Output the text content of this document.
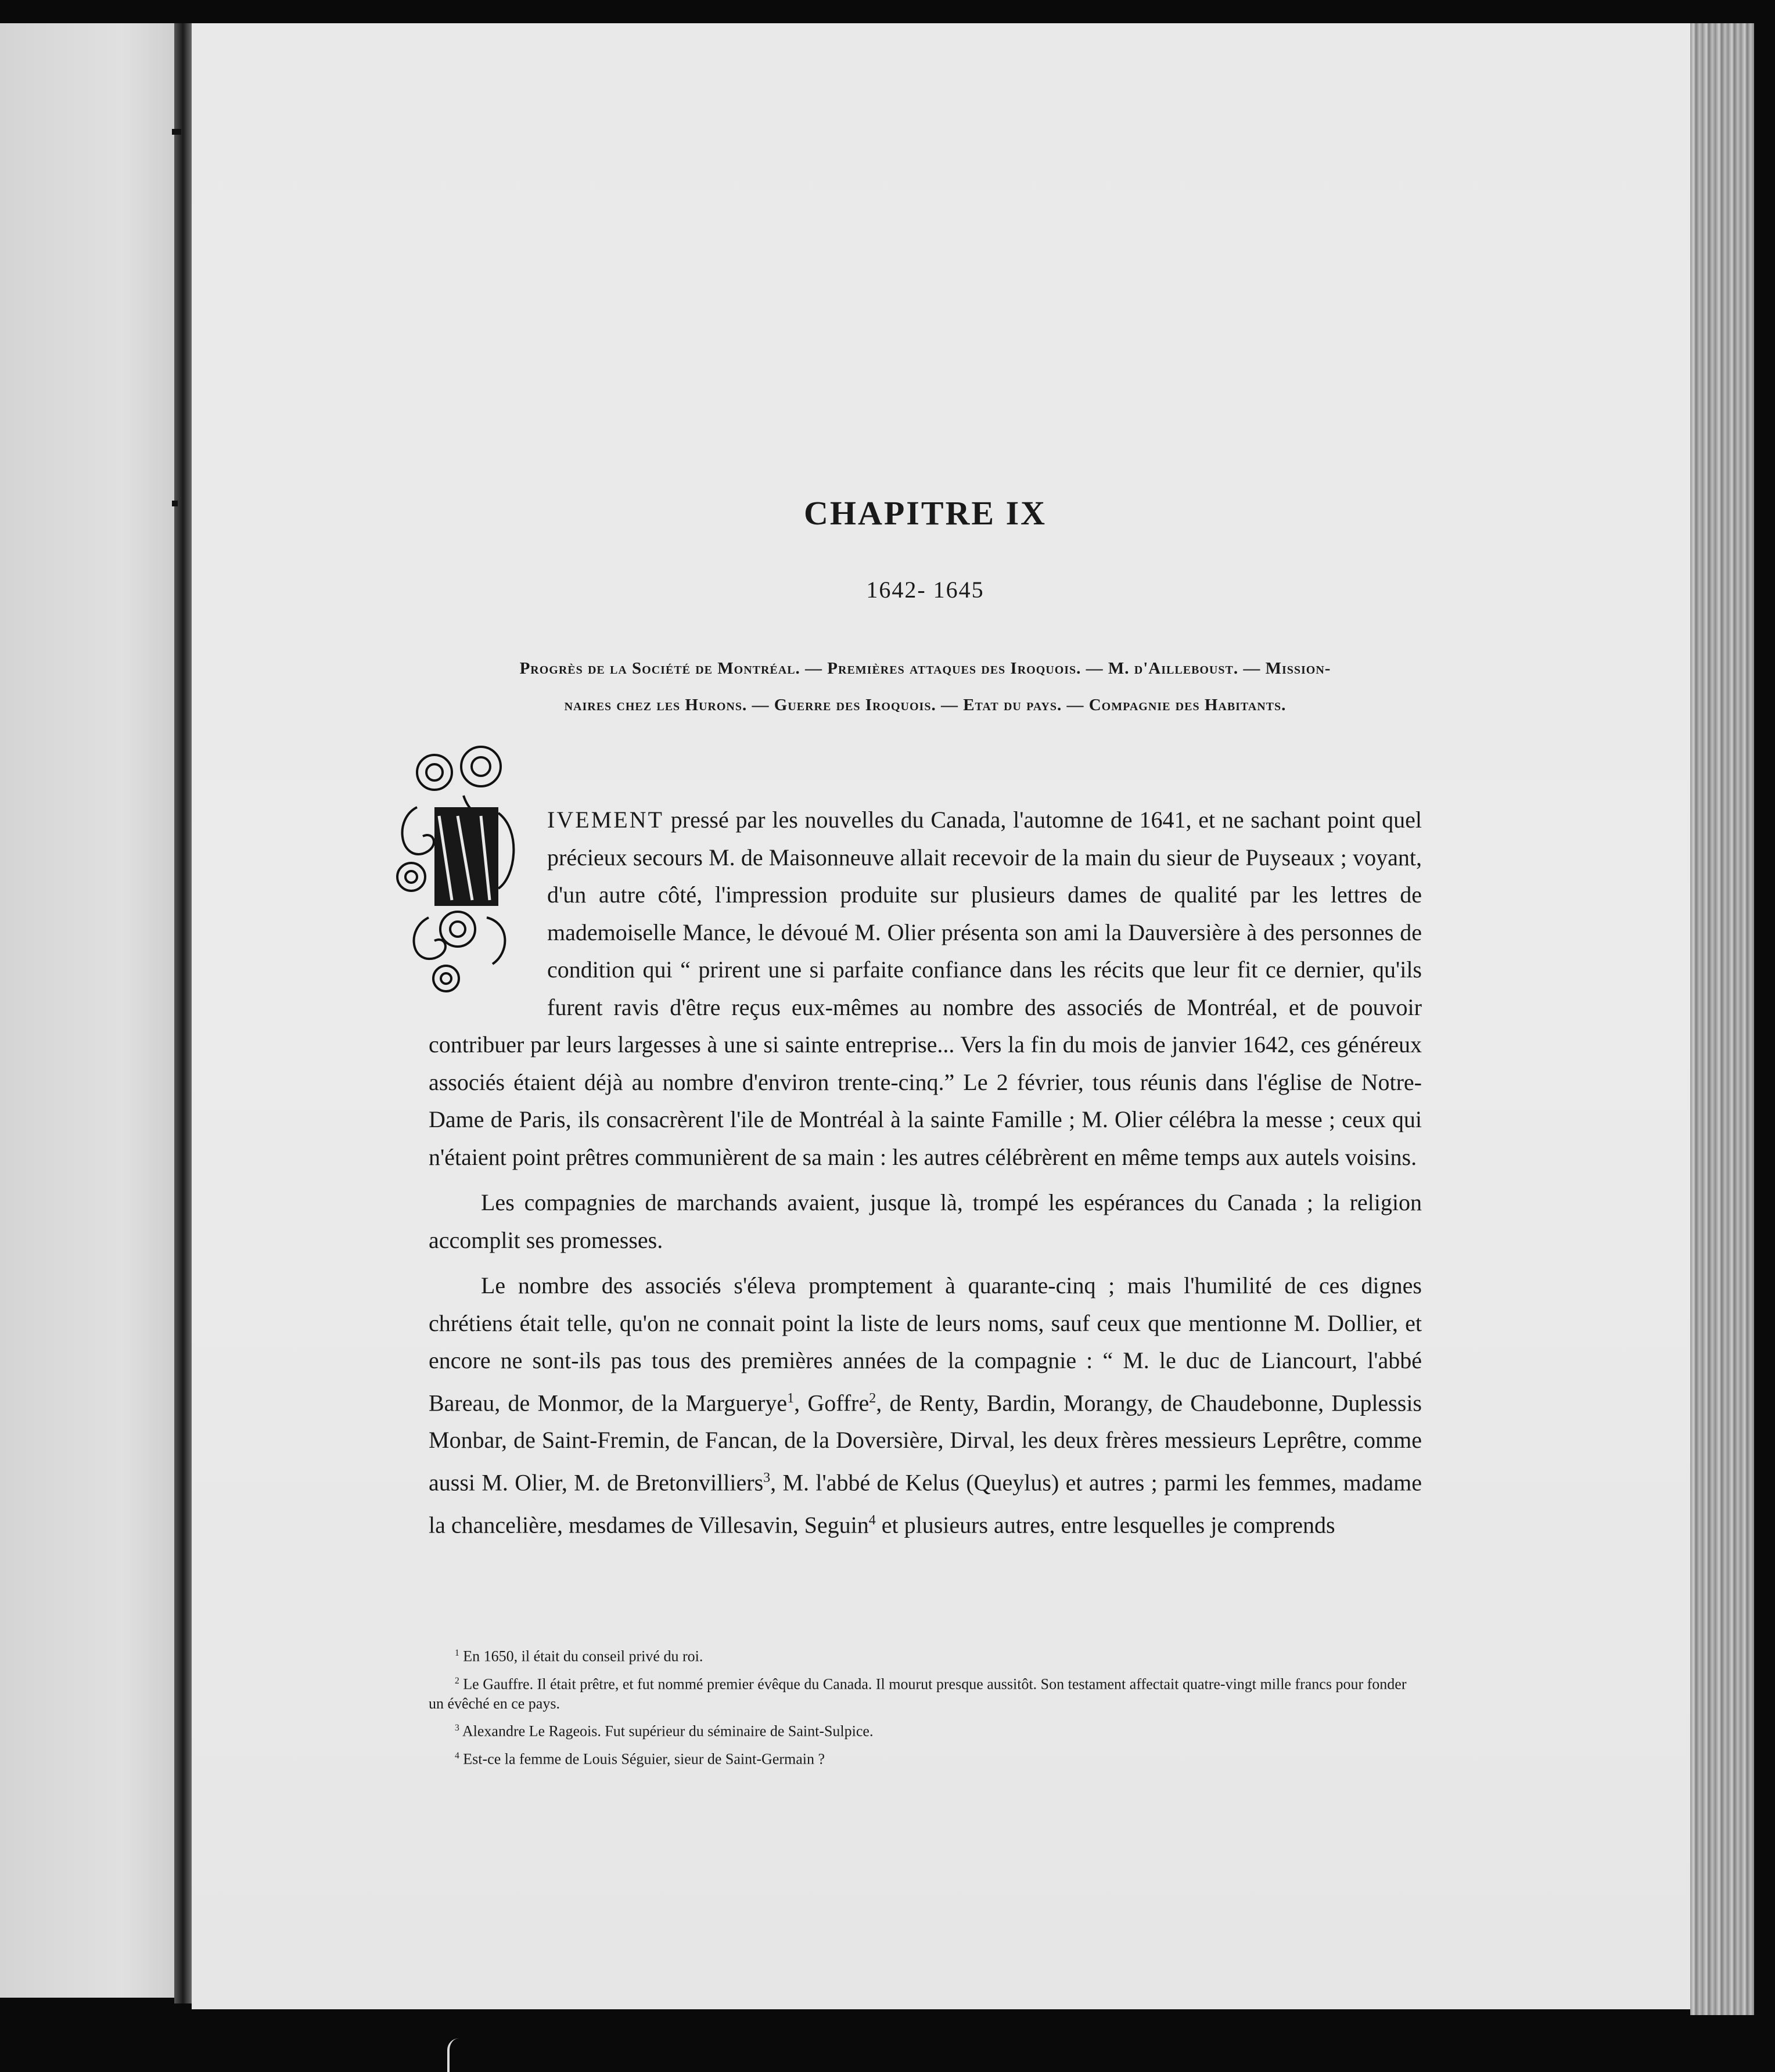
CHAPITRE IX
1642- 1645
Progrès de la Société de Montréal. — Premières attaques des Iroquois. — M. d'Ailleboust. — Mission-
naires chez les Hurons. — Guerre des Iroquois. — Etat du pays. — Compagnie des Habitants.

IVEMENT pressé par les nouvelles du Canada, l'automne de 1641, et ne sachant point quel précieux secours M. de Maisonneuve allait recevoir de la main du sieur de Puyseaux ; voyant, d'un autre côté, l'impression produite sur plusieurs dames de qualité par les lettres de mademoiselle Mance, le dévoué M. Olier présenta son ami la Dauversière à des personnes de condition qui “ prirent une si parfaite confiance dans les récits que leur fit ce dernier, qu'ils furent ravis d'être reçus eux-mêmes au nombre des associés de Montréal, et de pouvoir contribuer par leurs largesses à une si sainte entreprise... Vers la fin du mois de janvier 1642, ces généreux associés étaient déjà au nombre d'environ trente-cinq.” Le 2 février, tous réunis dans l'église de Notre-Dame de Paris, ils consacrèrent l'ile de Montréal à la sainte Famille ; M. Olier célébra la messe ; ceux qui n'étaient point prêtres communièrent de sa main : les autres célébrèrent en même temps aux autels voisins.

Les compagnies de marchands avaient, jusque là, trompé les espérances du Canada ; la religion accomplit ses promesses.

Le nombre des associés s'éleva promptement à quarante-cinq ; mais l'humilité de ces dignes chrétiens était telle, qu'on ne connait point la liste de leurs noms, sauf ceux que mentionne M. Dollier, et encore ne sont-ils pas tous des premières années de la compagnie : “ M. le duc de Liancourt, l'abbé Bareau, de Monmor, de la Marguerye$^1$, Goffre$^2$, de Renty, Bardin, Morangy, de Chaudebonne, Duplessis Monbar, de Saint-Fremin, de Fancan, de la Doversière, Dirval, les deux frères messieurs Leprêtre, comme aussi M. Olier, M. de Bretonvilliers$^3$, M. l'abbé de Kelus (Queylus) et autres ; parmi les femmes, madame la chancelière, mesdames de Villesavin, Seguin$^4$ et plusieurs autres, entre lesquelles je comprends

$^1$ En 1650, il était du conseil privé du roi.
$^2$ Le Gauffre. Il était prêtre, et fut nommé premier évêque du Canada. Il mourut presque aussitôt. Son testament affectait quatre-vingt mille francs pour fonder un évêché en ce pays.
$^3$ Alexandre Le Rageois. Fut supérieur du séminaire de Saint-Sulpice.
$^4$ Est-ce la femme de Louis Séguier, sieur de Saint-Germain ?
